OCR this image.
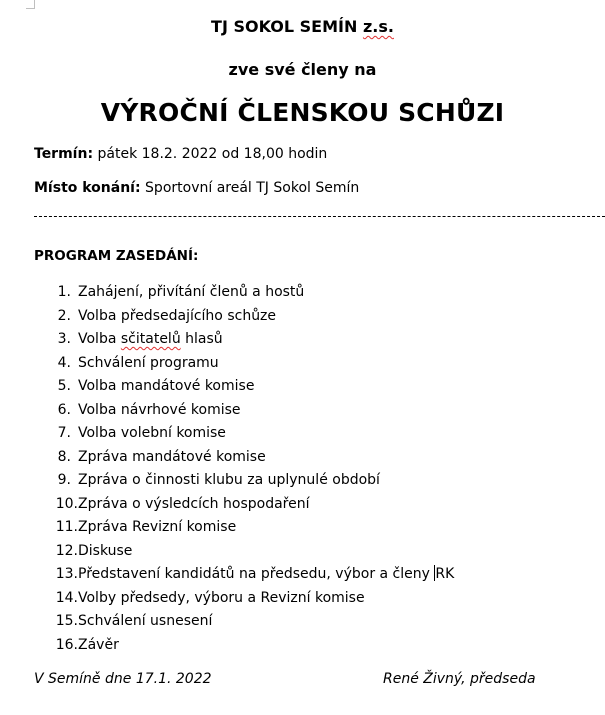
TJ SOKOL SEMÍN z.s.
zve své členy na
VÝROČNÍ ČLENSKOU SCHŮZI
Termín: pátek 18.2. 2022 od 18,00 hodin
Místo konání: Sportovní areál TJ Sokol Semín
PROGRAM ZASEDÁNÍ:
1. Zahájení, přivítání členů a hostů
2. Volba předsedajícího schůze
3. Volba sčitatelů hlasů
4. Schválení programu
5. Volba mandátové komise
6. Volba návrhové komise
7. Volba volební komise
8. Zpráva mandátové komise
9. Zpráva o činnosti klubu za uplynulé období
10.Zpráva o výsledcích hospodaření
11.Zpráva Revizní komise
12.Diskuse
13.Představení kandidátů na předsedu, výbor a členy RK
14.Volby předsedy, výboru a Revizní komise
15.Schválení usnesení
16.Závěr
V Semíně dne 17.1. 2022	René Živný, předseda
